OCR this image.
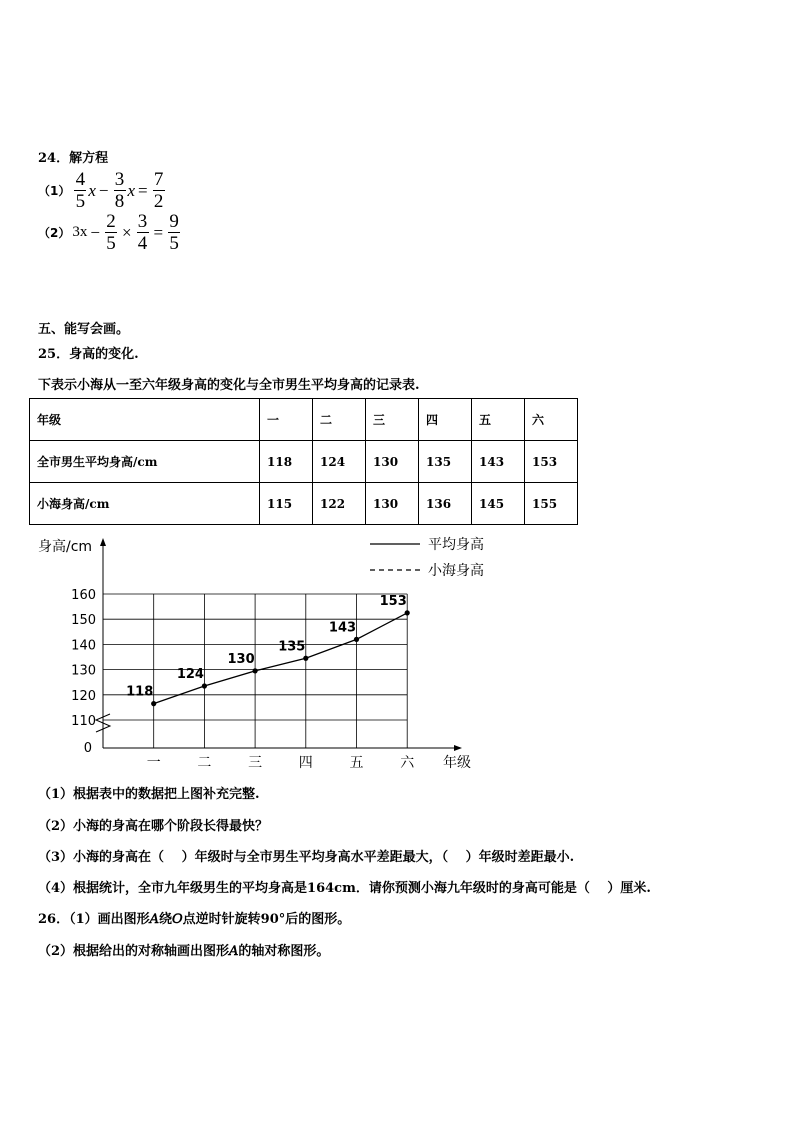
24．解方程
$(1) \frac{4}{5}$ $x - \frac{3}{8}$ $x = \frac{7}{2}$
（2） $3x - \frac{2}{5} \times \frac{3}{4} = \frac{9}{5}$
五、能写会画。
25．身高的变化.
下表示小海从一至六年级身高的变化与全市男生平均身高的记录表.
年级	一	二	三	四	五	六
全市男生平均身高/cm	118	124	130	135	143	153
小海身高/cm	115	122	130	136	145	155
身高/cm
年级
160
150
140
130
120
110
0
一	二	三	四	五	六
118
124
130
135
143
153
平均身高
小海身高
（1）根据表中的数据把上图补充完整.
（2）小海的身高在哪个阶段长得最快？
（3）小海的身高在（　 ）年级时与全市男生平均身高水平差距最大，（　 ）年级时差距最小.
（4）根据统计，全市九年级男生的平均身高是164cm．请你预测小海九年级时的身高可能是（　 ）厘米.
26．（1）画出图形𝐴绕𝑂点逆时针旋转90°后的图形。
（2）根据给出的对称轴画出图形𝐴的轴对称图形。
